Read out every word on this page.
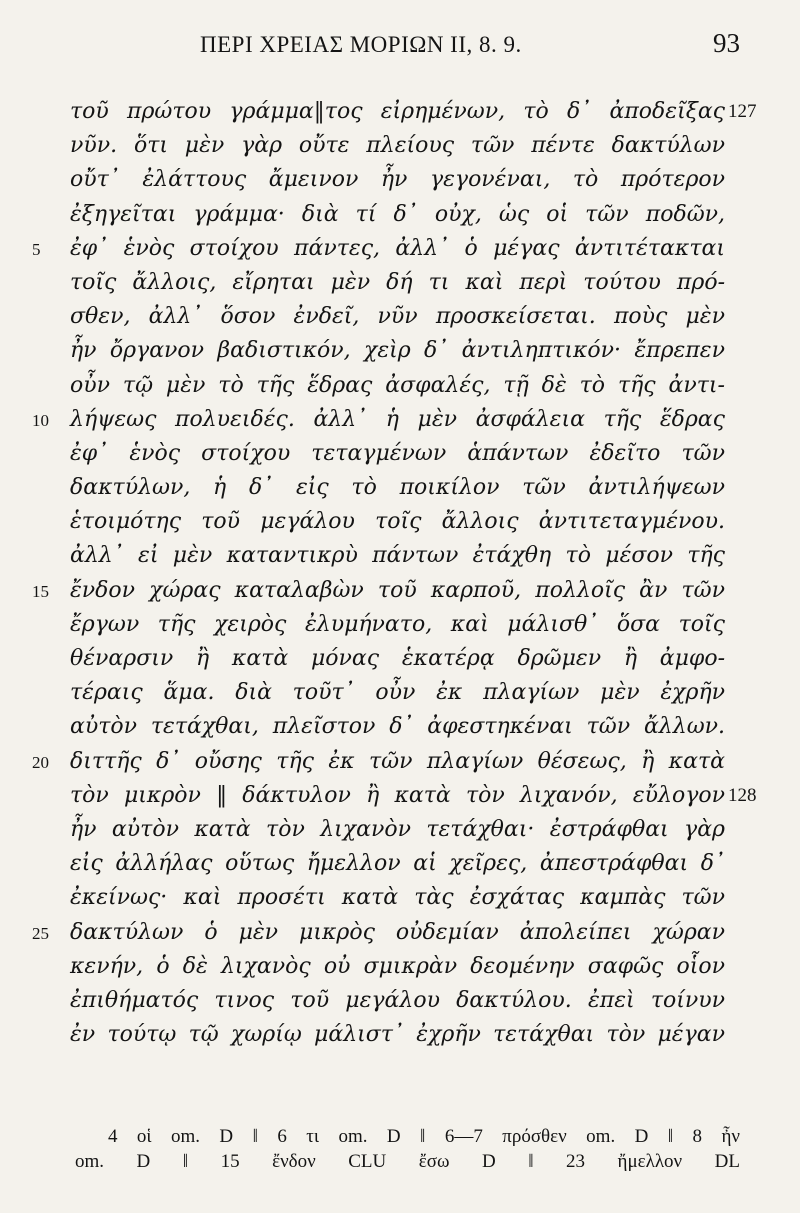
ΠΕΡΙ ΧΡΕΙΑΣ ΜΟΡΙΩΝ ΙΙ, 8. 9.	93
τοῦ πρώτου γράμμα‖τος εἰρημένων, τὸ δ᾽ ἀποδεῖξας 127
νῦν. ὅτι μὲν γὰρ οὔτε πλείους τῶν πέντε δακτύλων
οὔτ᾽ ἐλάττους ἄμεινον ἦν γεγονέναι, τὸ πρότερον
ἐξηγεῖται γράμμα· διὰ τί δ᾽ οὐχ, ὡς οἱ τῶν ποδῶν,
5 ἐφ᾽ ἑνὸς στοίχου πάντες, ἀλλ᾽ ὁ μέγας ἀντιτέτακται
τοῖς ἄλλοις, εἴρηται μὲν δή τι καὶ περὶ τούτου πρό-
σθεν, ἀλλ᾽ ὅσον ἐνδεῖ, νῦν προσκείσεται. ποὺς μὲν
ἦν ὄργανον βαδιστικόν, χεὶρ δ᾽ ἀντιληπτικόν· ἔπρεπεν
οὖν τῷ μὲν τὸ τῆς ἕδρας ἀσφαλές, τῇ δὲ τὸ τῆς ἀντι-
10 λήψεως πολυειδές. ἀλλ᾽ ἡ μὲν ἀσφάλεια τῆς ἕδρας
ἐφ᾽ ἑνὸς στοίχου τεταγμένων ἁπάντων ἐδεῖτο τῶν
δακτύλων, ἡ δ᾽ εἰς τὸ ποικίλον τῶν ἀντιλήψεων
ἑτοιμότης τοῦ μεγάλου τοῖς ἄλλοις ἀντιτεταγμένου.
ἀλλ᾽ εἰ μὲν καταντικρὺ πάντων ἐτάχθη τὸ μέσον τῆς
15 ἔνδον χώρας καταλαβὼν τοῦ καρποῦ, πολλοῖς ἂν τῶν
ἔργων τῆς χειρὸς ἐλυμήνατο, καὶ μάλισθ᾽ ὅσα τοῖς
θέναρσιν ἢ κατὰ μόνας ἑκατέρᾳ δρῶμεν ἢ ἀμφο-
τέραις ἅμα. διὰ τοῦτ᾽ οὖν ἐκ πλαγίων μὲν ἐχρῆν
αὐτὸν τετάχθαι, πλεῖστον δ᾽ ἀφεστηκέναι τῶν ἄλλων.
20 διττῆς δ᾽ οὔσης τῆς ἐκ τῶν πλαγίων θέσεως, ἢ κατὰ
τὸν μικρὸν ‖ δάκτυλον ἢ κατὰ τὸν λιχανόν, εὔλογον 128
ἦν αὐτὸν κατὰ τὸν λιχανὸν τετάχθαι· ἐστράφθαι γὰρ
εἰς ἀλλήλας οὕτως ἤμελλον αἱ χεῖρες, ἀπεστράφθαι δ᾽
ἐκείνως· καὶ προσέτι κατὰ τὰς ἐσχάτας καμπὰς τῶν
25 δακτύλων ὁ μὲν μικρὸς οὐδεμίαν ἀπολείπει χώραν
κενήν, ὁ δὲ λιχανὸς οὐ σμικρὰν δεομένην σαφῶς οἷον
ἐπιθήματός τινος τοῦ μεγάλου δακτύλου. ἐπεὶ τοίνυν
ἐν τούτῳ τῷ χωρίῳ μάλιστ᾽ ἐχρῆν τετάχθαι τὸν μέγαν
4 οἱ om. D ‖ 6 τι om. D ‖ 6—7 πρόσθεν om. D ‖ 8 ἦν
om. D ‖ 15 ἔνδον CLU ἔσω D ‖ 23 ἤμελλον DL
